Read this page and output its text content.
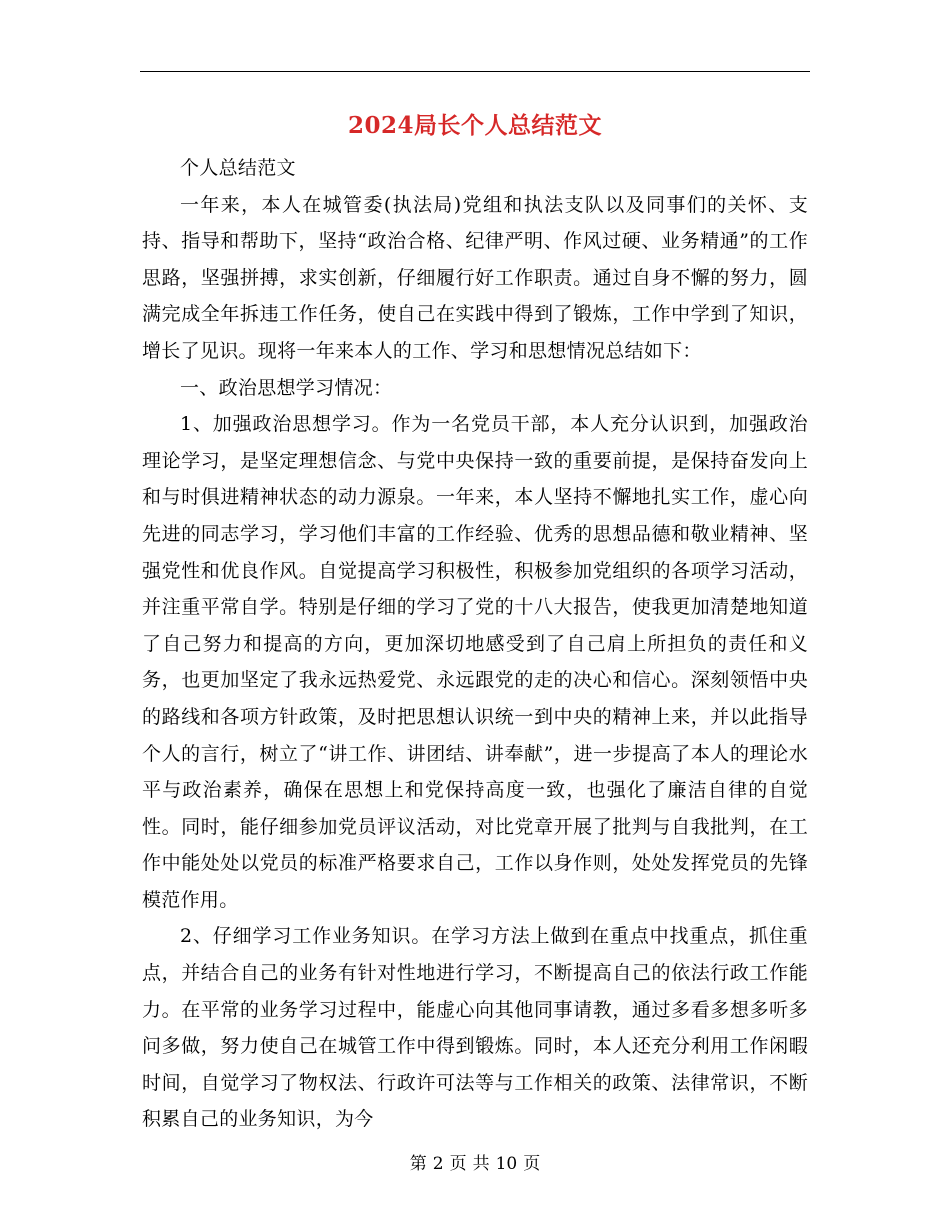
2024局长个人总结范文

个人总结范文

一年来，本人在城管委(执法局)党组和执法支队以及同事们的关怀、支持、指导和帮助下，坚持“政治合格、纪律严明、作风过硬、业务精通”的工作思路，坚强拼搏，求实创新，仔细履行好工作职责。通过自身不懈的努力，圆满完成全年拆违工作任务，使自己在实践中得到了锻炼，工作中学到了知识，增长了见识。现将一年来本人的工作、学习和思想情况总结如下：

一、政治思想学习情况：

1、加强政治思想学习。作为一名党员干部，本人充分认识到，加强政治理论学习，是坚定理想信念、与党中央保持一致的重要前提，是保持奋发向上和与时俱进精神状态的动力源泉。一年来，本人坚持不懈地扎实工作，虚心向先进的同志学习，学习他们丰富的工作经验、优秀的思想品德和敬业精神、坚强党性和优良作风。自觉提高学习积极性，积极参加党组织的各项学习活动，并注重平常自学。特别是仔细的学习了党的十八大报告，使我更加清楚地知道了自己努力和提高的方向，更加深切地感受到了自己肩上所担负的责任和义务，也更加坚定了我永远热爱党、永远跟党的走的决心和信心。深刻领悟中央的路线和各项方针政策，及时把思想认识统一到中央的精神上来，并以此指导个人的言行，树立了“讲工作、讲团结、讲奉献”，进一步提高了本人的理论水平与政治素养，确保在思想上和党保持高度一致，也强化了廉洁自律的自觉性。同时，能仔细参加党员评议活动，对比党章开展了批判与自我批判，在工作中能处处以党员的标准严格要求自己，工作以身作则，处处发挥党员的先锋模范作用。

2、仔细学习工作业务知识。在学习方法上做到在重点中找重点，抓住重点，并结合自己的业务有针对性地进行学习，不断提高自己的依法行政工作能力。在平常的业务学习过程中，能虚心向其他同事请教，通过多看多想多听多问多做，努力使自己在城管工作中得到锻炼。同时，本人还充分利用工作闲暇时间，自觉学习了物权法、行政许可法等与工作相关的政策、法律常识，不断积累自己的业务知识，为今

第 2 页 共 10 页
